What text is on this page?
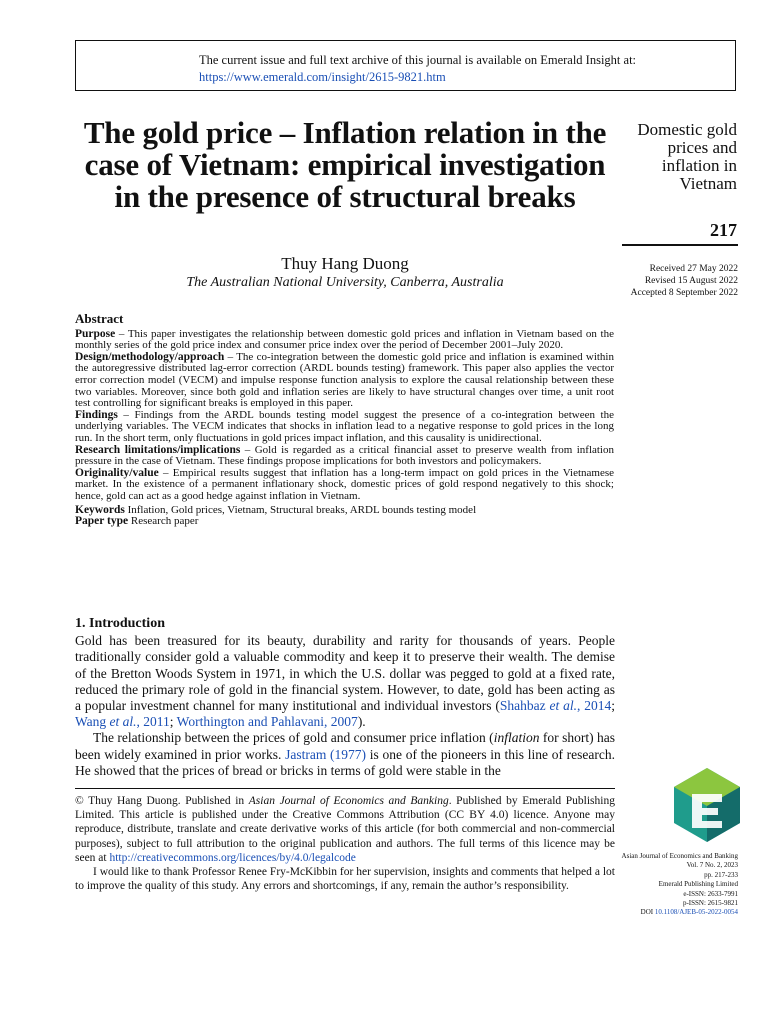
The current issue and full text archive of this journal is available on Emerald Insight at:
https://www.emerald.com/insight/2615-9821.htm
The gold price – Inflation relation in the case of Vietnam: empirical investigation in the presence of structural breaks
Thuy Hang Duong
The Australian National University, Canberra, Australia
Domestic gold
prices and
inflation in
Vietnam
217
Received 27 May 2022
Revised 15 August 2022
Accepted 8 September 2022
Abstract

Purpose – This paper investigates the relationship between domestic gold prices and inflation in Vietnam based on the monthly series of the gold price index and consumer price index over the period of December 2001–July 2020.

Design/methodology/approach – The co-integration between the domestic gold price and inflation is examined within the autoregressive distributed lag-error correction (ARDL bounds testing) framework. This paper also applies the vector error correction model (VECM) and impulse response function analysis to explore the causal relationship between these two variables. Moreover, since both gold and inflation series are likely to have structural changes over time, a unit root test controlling for significant breaks is employed in this paper.

Findings – Findings from the ARDL bounds testing model suggest the presence of a co-integration between the underlying variables. The VECM indicates that shocks in inflation lead to a negative response to gold prices in the long run. In the short term, only fluctuations in gold prices impact inflation, and this causality is unidirectional.

Research limitations/implications – Gold is regarded as a critical financial asset to preserve wealth from inflation pressure in the case of Vietnam. These findings propose implications for both investors and policymakers.

Originality/value – Empirical results suggest that inflation has a long-term impact on gold prices in the Vietnamese market. In the existence of a permanent inflationary shock, domestic prices of gold respond negatively to this shock; hence, gold can act as a good hedge against inflation in Vietnam.

Keywords Inflation, Gold prices, Vietnam, Structural breaks, ARDL bounds testing model

Paper type Research paper

1. Introduction

Gold has been treasured for its beauty, durability and rarity for thousands of years. People traditionally consider gold a valuable commodity and keep it to preserve their wealth. The demise of the Bretton Woods System in 1971, in which the U.S. dollar was pegged to gold at a fixed rate, reduced the primary role of gold in the financial system. However, to date, gold has been acting as a popular investment channel for many institutional and individual investors (Shahbaz et al., 2014; Wang et al., 2011; Worthington and Pahlavani, 2007).

The relationship between the prices of gold and consumer price inflation (inflation for short) has been widely examined in prior works. Jastram (1977) is one of the pioneers in this line of research. He showed that the prices of bread or bricks in terms of gold were stable in the

© Thuy Hang Duong. Published in Asian Journal of Economics and Banking. Published by Emerald Publishing Limited. This article is published under the Creative Commons Attribution (CC BY 4.0) licence. Anyone may reproduce, distribute, translate and create derivative works of this article (for both commercial and non-commercial purposes), subject to full attribution to the original publication and authors. The full terms of this licence may be seen at http://creativecommons.org/licences/by/4.0/legalcode

I would like to thank Professor Renee Fry-McKibbin for her supervision, insights and comments that helped a lot to improve the quality of this study. Any errors and shortcomings, if any, remain the author’s responsibility.

Asian Journal of Economics and Banking
Vol. 7 No. 2, 2023
pp. 217-233
Emerald Publishing Limited
e-ISSN: 2633-7991
p-ISSN: 2615-9821
DOI 10.1108/AJEB-05-2022-0054
